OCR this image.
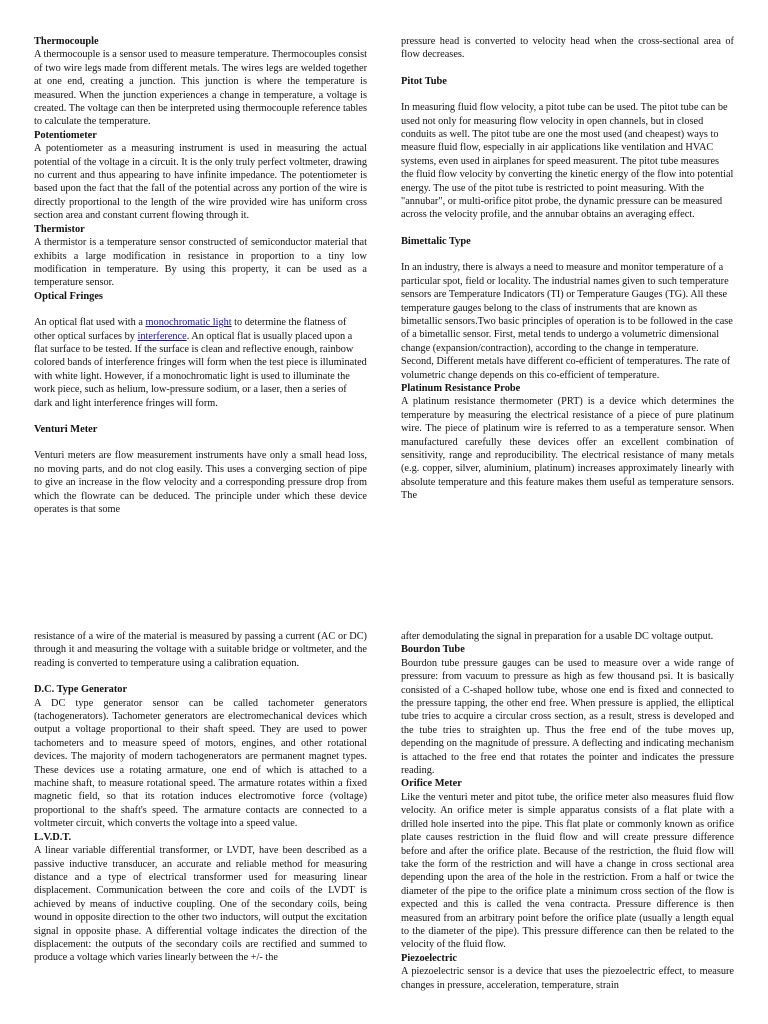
Thermocouple

A thermocouple is a sensor used to measure temperature. Thermocouples consist of two wire legs made from different metals. The wires legs are welded together at one end, creating a junction. This junction is where the temperature is measured. When the junction experiences a change in temperature, a voltage is created. The voltage can then be interpreted using thermocouple reference tables to calculate the temperature.

Potentiometer

A potentiometer as a measuring instrument is used in measuring the actual potential of the voltage in a circuit. It is the only truly perfect voltmeter, drawing no current and thus appearing to have infinite impedance. The potentiometer is based upon the fact that the fall of the potential across any portion of the wire is directly proportional to the length of the wire provided wire has uniform cross section area and constant current flowing through it.

Thermistor

A thermistor is a temperature sensor constructed of semiconductor material that exhibits a large modification in resistance in proportion to a tiny low modification in temperature. By using this property, it can be used as a temperature sensor.

Optical Fringes

An optical flat used with a monochromatic light to determine the flatness of other optical surfaces by interference. An optical flat is usually placed upon a flat surface to be tested. If the surface is clean and reflective enough, rainbow colored bands of interference fringes will form when the test piece is illuminated with white light. However, if a monochromatic light is used to illuminate the work piece, such as helium, low-pressure sodium, or a laser, then a series of dark and light interference fringes will form.

Venturi Meter

Venturi meters are flow measurement instruments have only a small head loss, no moving parts, and do not clog easily. This uses a converging section of pipe to give an increase in the flow velocity and a corresponding pressure drop from which the flowrate can be deduced. The principle under which these device operates is that some

pressure head is converted to velocity head when the cross-sectional area of flow decreases.

Pitot Tube

In measuring fluid flow velocity, a pitot tube can be used. The pitot tube can be used not only for measuring flow velocity in open channels, but in closed conduits as well. The pitot tube are one the most used (and cheapest) ways to measure fluid flow, especially in air applications like ventilation and HVAC systems, even used in airplanes for speed measurent. The pitot tube measures the fluid flow velocity by converting the kinetic energy of the flow into potential energy. The use of the pitot tube is restricted to point measuring. With the "annubar", or multi-orifice pitot probe, the dynamic pressure can be measured across the velocity profile, and the annubar obtains an averaging effect.

Bimettalic Type

In an industry, there is always a need to measure and monitor temperature of a particular spot, field or locality. The industrial names given to such temperature sensors are Temperature Indicators (TI) or Temperature Gauges (TG). All these temperature gauges belong to the class of instruments that are known as bimetallic sensors.Two basic principles of operation is to be followed in the case of a bimetallic sensor. First, metal tends to undergo a volumetric dimensional change (expansion/contraction), according to the change in temperature. Second, Different metals have different co-efficient of temperatures. The rate of volumetric change depends on this co-efficient of temperature.

Platinum Resistance Probe

A platinum resistance thermometer (PRT) is a device which determines the temperature by measuring the electrical resistance of a piece of pure platinum wire. The piece of platinum wire is referred to as a temperature sensor. When manufactured carefully these devices offer an excellent combination of sensitivity, range and reproducibility. The electrical resistance of many metals (e.g. copper, silver, aluminium, platinum) increases approximately linearly with absolute temperature and this feature makes them useful as temperature sensors. The

resistance of a wire of the material is measured by passing a current (AC or DC) through it and measuring the voltage with a suitable bridge or voltmeter, and the reading is converted to temperature using a calibration equation.

D.C. Type Generator

A DC type generator sensor can be called tachometer generators (tachogenerators). Tachometer generators are electromechanical devices which output a voltage proportional to their shaft speed. They are used to power tachometers and to measure speed of motors, engines, and other rotational devices. The majority of modern tachogenerators are permanent magnet types. These devices use a rotating armature, one end of which is attached to a machine shaft, to measure rotational speed. The armature rotates within a fixed magnetic field, so that its rotation induces electromotive force (voltage) proportional to the shaft's speed. The armature contacts are connected to a voltmeter circuit, which converts the voltage into a speed value.

L.V.D.T.

A linear variable differential transformer, or LVDT, have been described as a passive inductive transducer, an accurate and reliable method for measuring distance and a type of electrical transformer used for measuring linear displacement. Communication between the core and coils of the LVDT is achieved by means of inductive coupling. One of the secondary coils, being wound in opposite direction to the other two inductors, will output the excitation signal in opposite phase. A differential voltage indicates the direction of the displacement: the outputs of the secondary coils are rectified and summed to produce a voltage which varies linearly between the +/- the

after demodulating the signal in preparation for a usable DC voltage output.

Bourdon Tube

Bourdon tube pressure gauges can be used to measure over a wide range of pressure: from vacuum to pressure as high as few thousand psi. It is basically consisted of a C-shaped hollow tube, whose one end is fixed and connected to the pressure tapping, the other end free. When pressure is applied, the elliptical tube tries to acquire a circular cross section, as a result, stress is developed and the tube tries to straighten up. Thus the free end of the tube moves up, depending on the magnitude of pressure. A deflecting and indicating mechanism is attached to the free end that rotates the pointer and indicates the pressure reading.

Orifice Meter

Like the venturi meter and pitot tube, the orifice meter also measures fluid flow velocity. An orifice meter is simple apparatus consists of a flat plate with a drilled hole inserted into the pipe. This flat plate or commonly known as orifice plate causes restriction in the fluid flow and will create pressure difference before and after the orifice plate. Because of the restriction, the fluid flow will take the form of the restriction and will have a change in cross sectional area depending upon the area of the hole in the restriction. From a half or twice the diameter of the pipe to the orifice plate a minimum cross section of the flow is expected and this is called the vena contracta. Pressure difference is then measured from an arbitrary point before the orifice plate (usually a length equal to the diameter of the pipe). This pressure difference can then be related to the velocity of the fluid flow.

Piezoelectric

A piezoelectric sensor is a device that uses the piezoelectric effect, to measure changes in pressure, acceleration, temperature, strain
